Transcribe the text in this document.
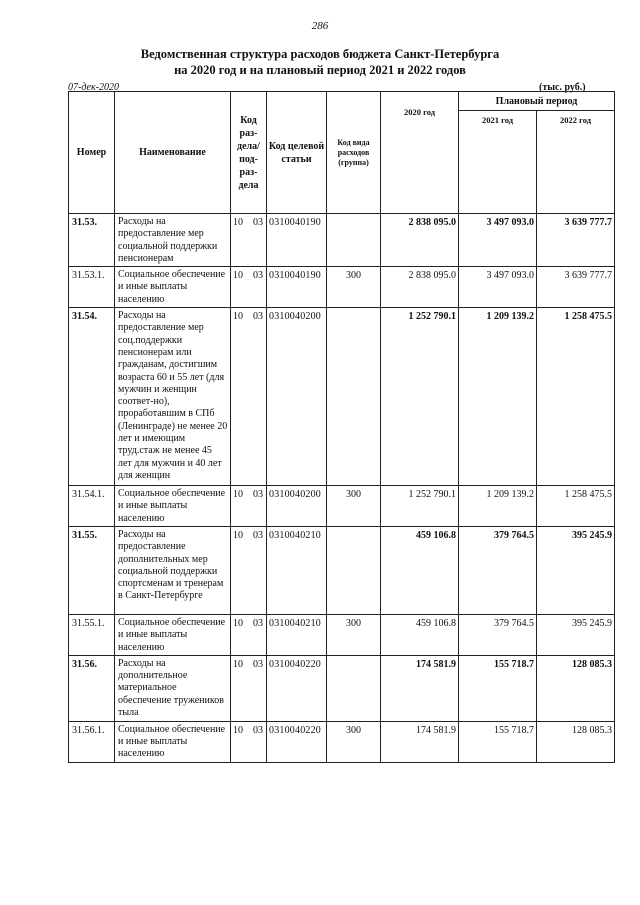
286
Ведомственная структура расходов бюджета Санкт-Петербурга
на 2020 год и на плановый период 2021 и 2022 годов
07-дек-2020	(тыс. руб.)
Номер	Наименование	Код раз-дела/ под-раз-дела	Код целевой статьи	Код вида расходов (группа)	2020 год	Плановый период	
						2021 год	2022 год
31.53.	Расходы на предоставление мер социальной поддержки пенсионерам	10 03	0310040190		2 838 095.0	3 497 093.0	3 639 777.7
31.53.1.	Социальное обеспечение и иные выплаты населению	10 03	0310040190	300	2 838 095.0	3 497 093.0	3 639 777.7
31.54.	Расходы на предоставление мер соц.поддержки пенсионерам или гражданам, достигшим возраста 60 и 55 лет (для мужчин и женщин соответ-но), проработавшим в СПб (Ленинграде) не менее 20 лет и имеющим труд.стаж не менее 45 лет для мужчин и 40 лет для женщин	10 03	0310040200		1 252 790.1	1 209 139.2	1 258 475.5
31.54.1.	Социальное обеспечение и иные выплаты населению	10 03	0310040200	300	1 252 790.1	1 209 139.2	1 258 475.5
31.55.	Расходы на предоставление дополнительных мер социальной поддержки спортсменам и тренерам в Санкт-Петербурге	10 03	0310040210		459 106.8	379 764.5	395 245.9
31.55.1.	Социальное обеспечение и иные выплаты населению	10 03	0310040210	300	459 106.8	379 764.5	395 245.9
31.56.	Расходы на дополнительное материальное обеспечение тружеников тыла	10 03	0310040220		174 581.9	155 718.7	128 085.3
31.56.1.	Социальное обеспечение и иные выплаты населению	10 03	0310040220	300	174 581.9	155 718.7	128 085.3
